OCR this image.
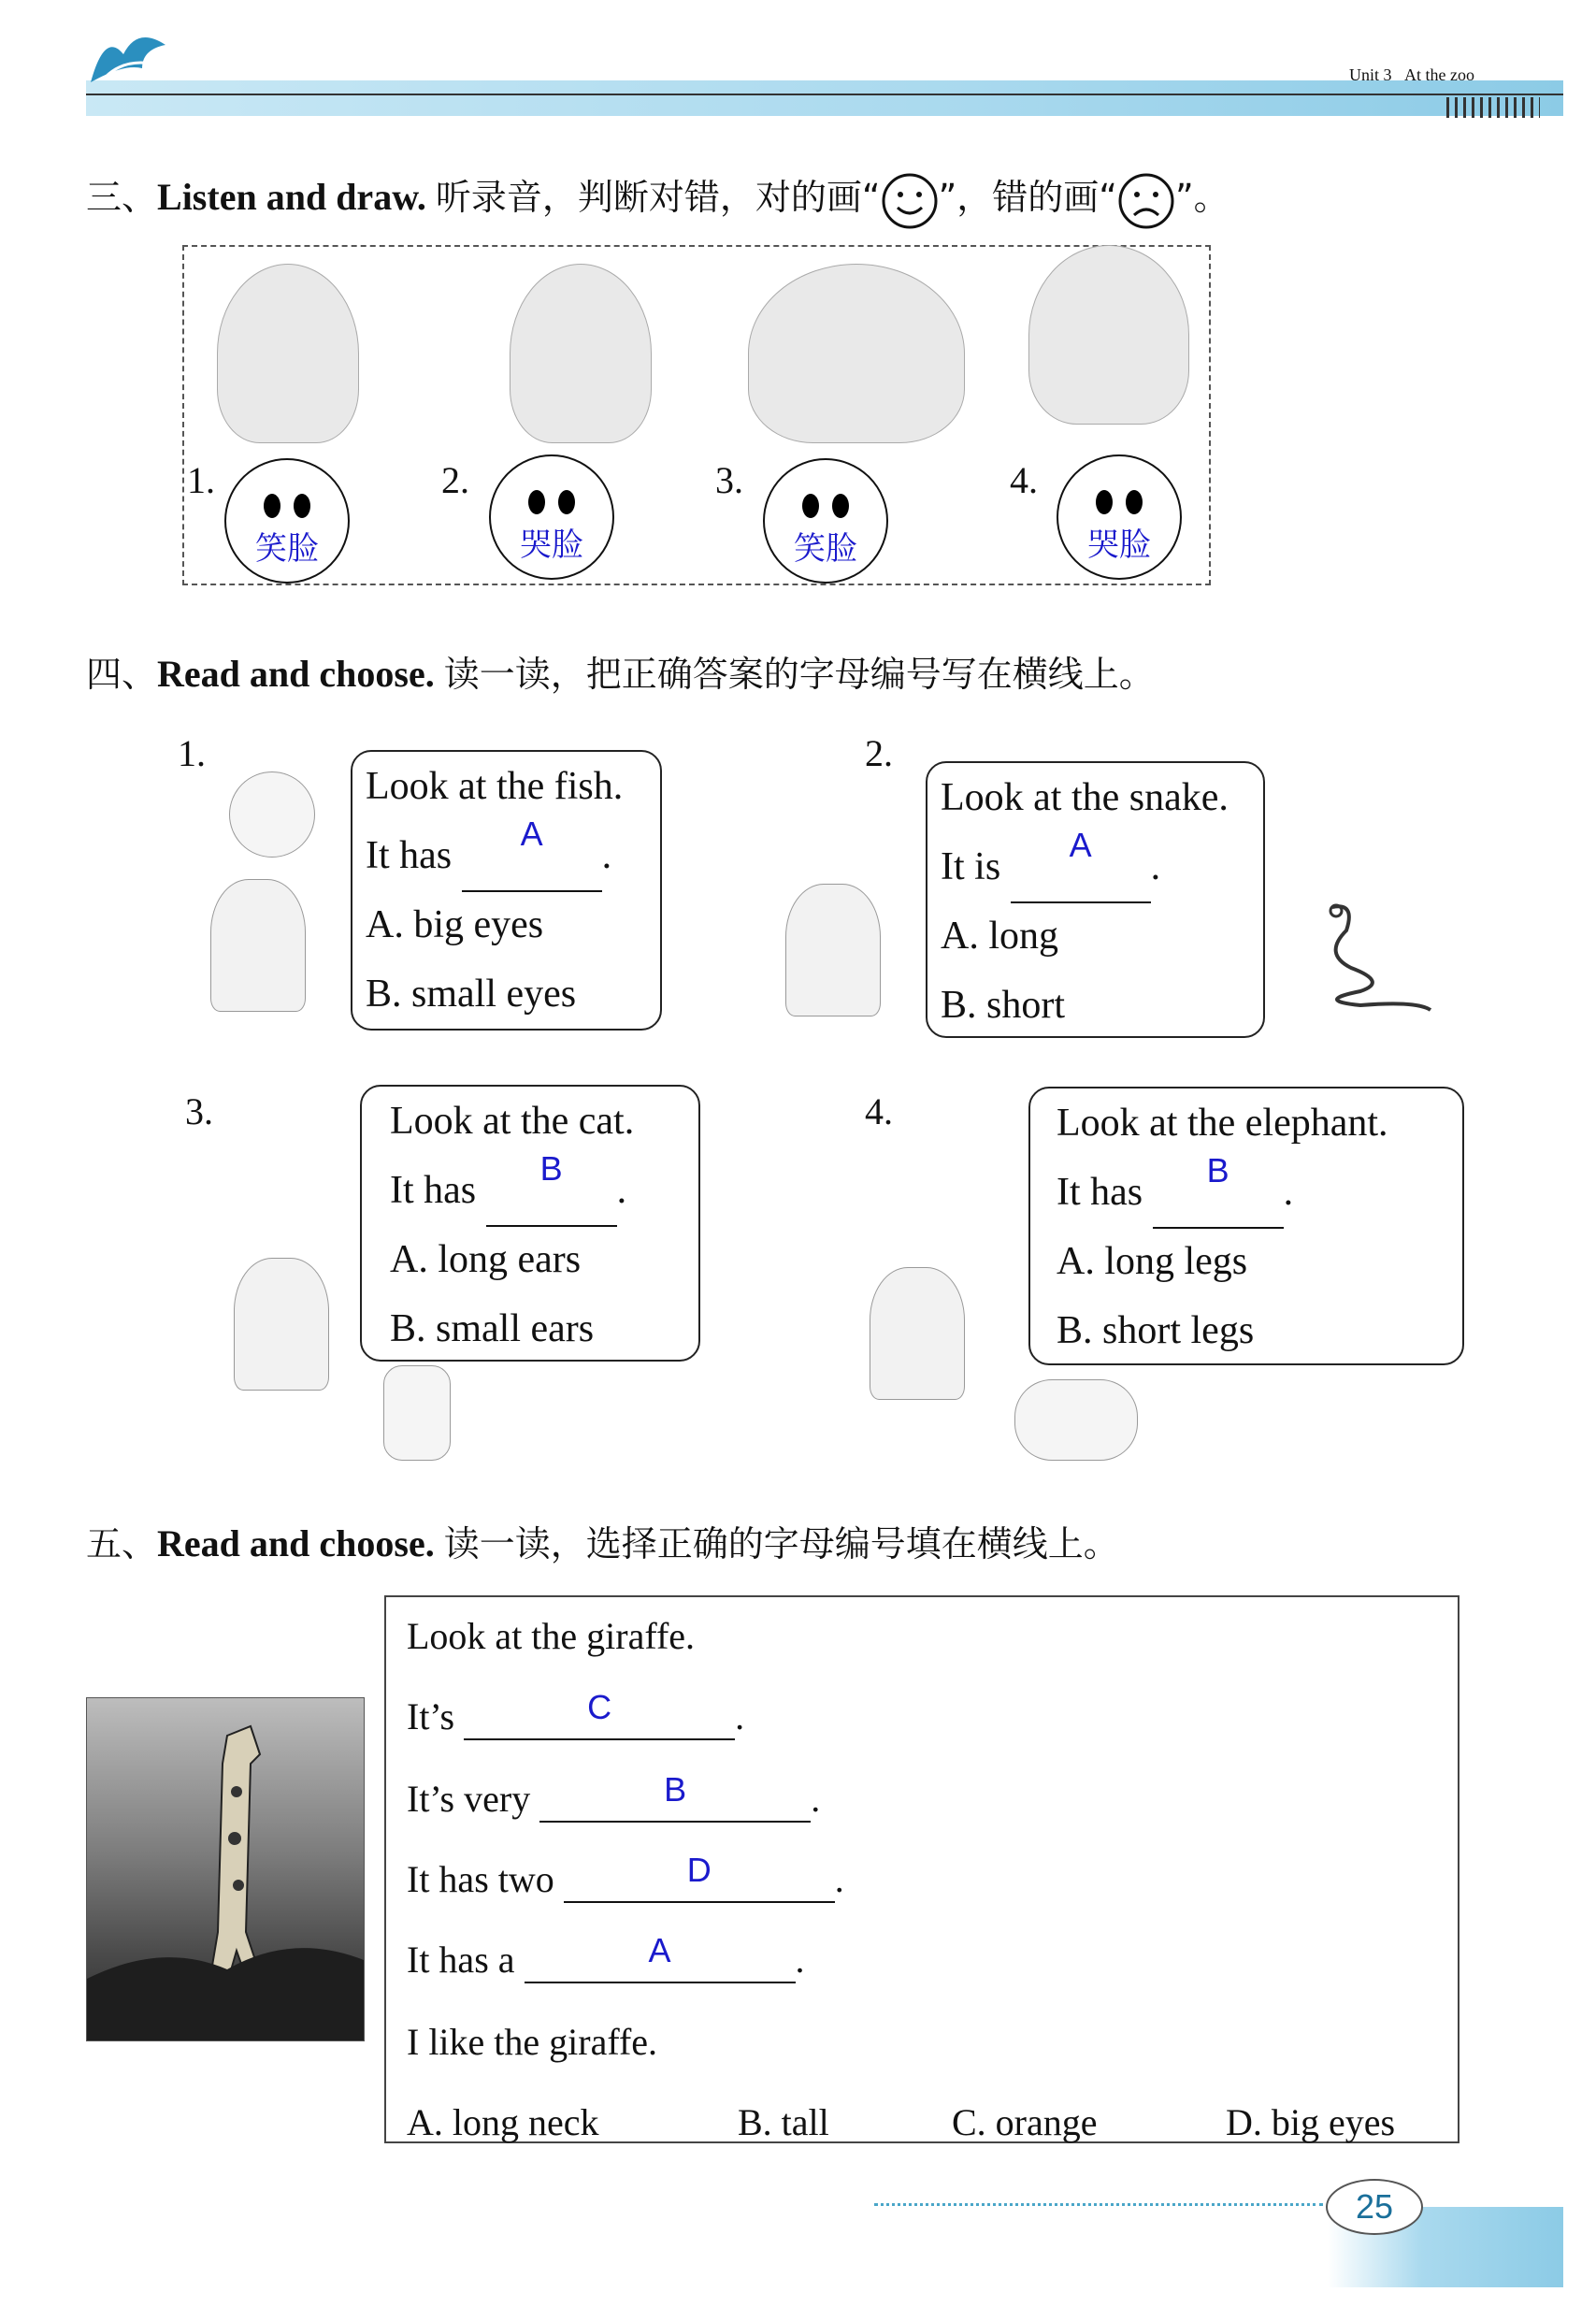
Unit 3 At the zoo
三、Listen and draw. 听录音，判断对错，对的画“ ”，错的画“ ”。
1.
笑脸
2.
哭脸
3.
笑脸
4.
哭脸
四、Read and choose. 读一读，把正确答案的字母编号写在横线上。
1.
Look at the fish.
It has
A
.
A. big eyes
B. small eyes
2.
Look at the snake.
It is
A
.
A. long
B. short
3.	Look at the cat.
It has
B
.
A. long ears
B. small ears
4.	Look at the elephant.
It has
B
.
A. long legs
B. short legs
五、Read and choose. 读一读，选择正确的字母编号填在横线上。
Look at the giraffe.
It’s	C	.
It’s very	B	.
It has two	D	.
It has a	A	.
I like the giraffe.
A. long neck	B. tall	C. orange	D. big eyes
25
